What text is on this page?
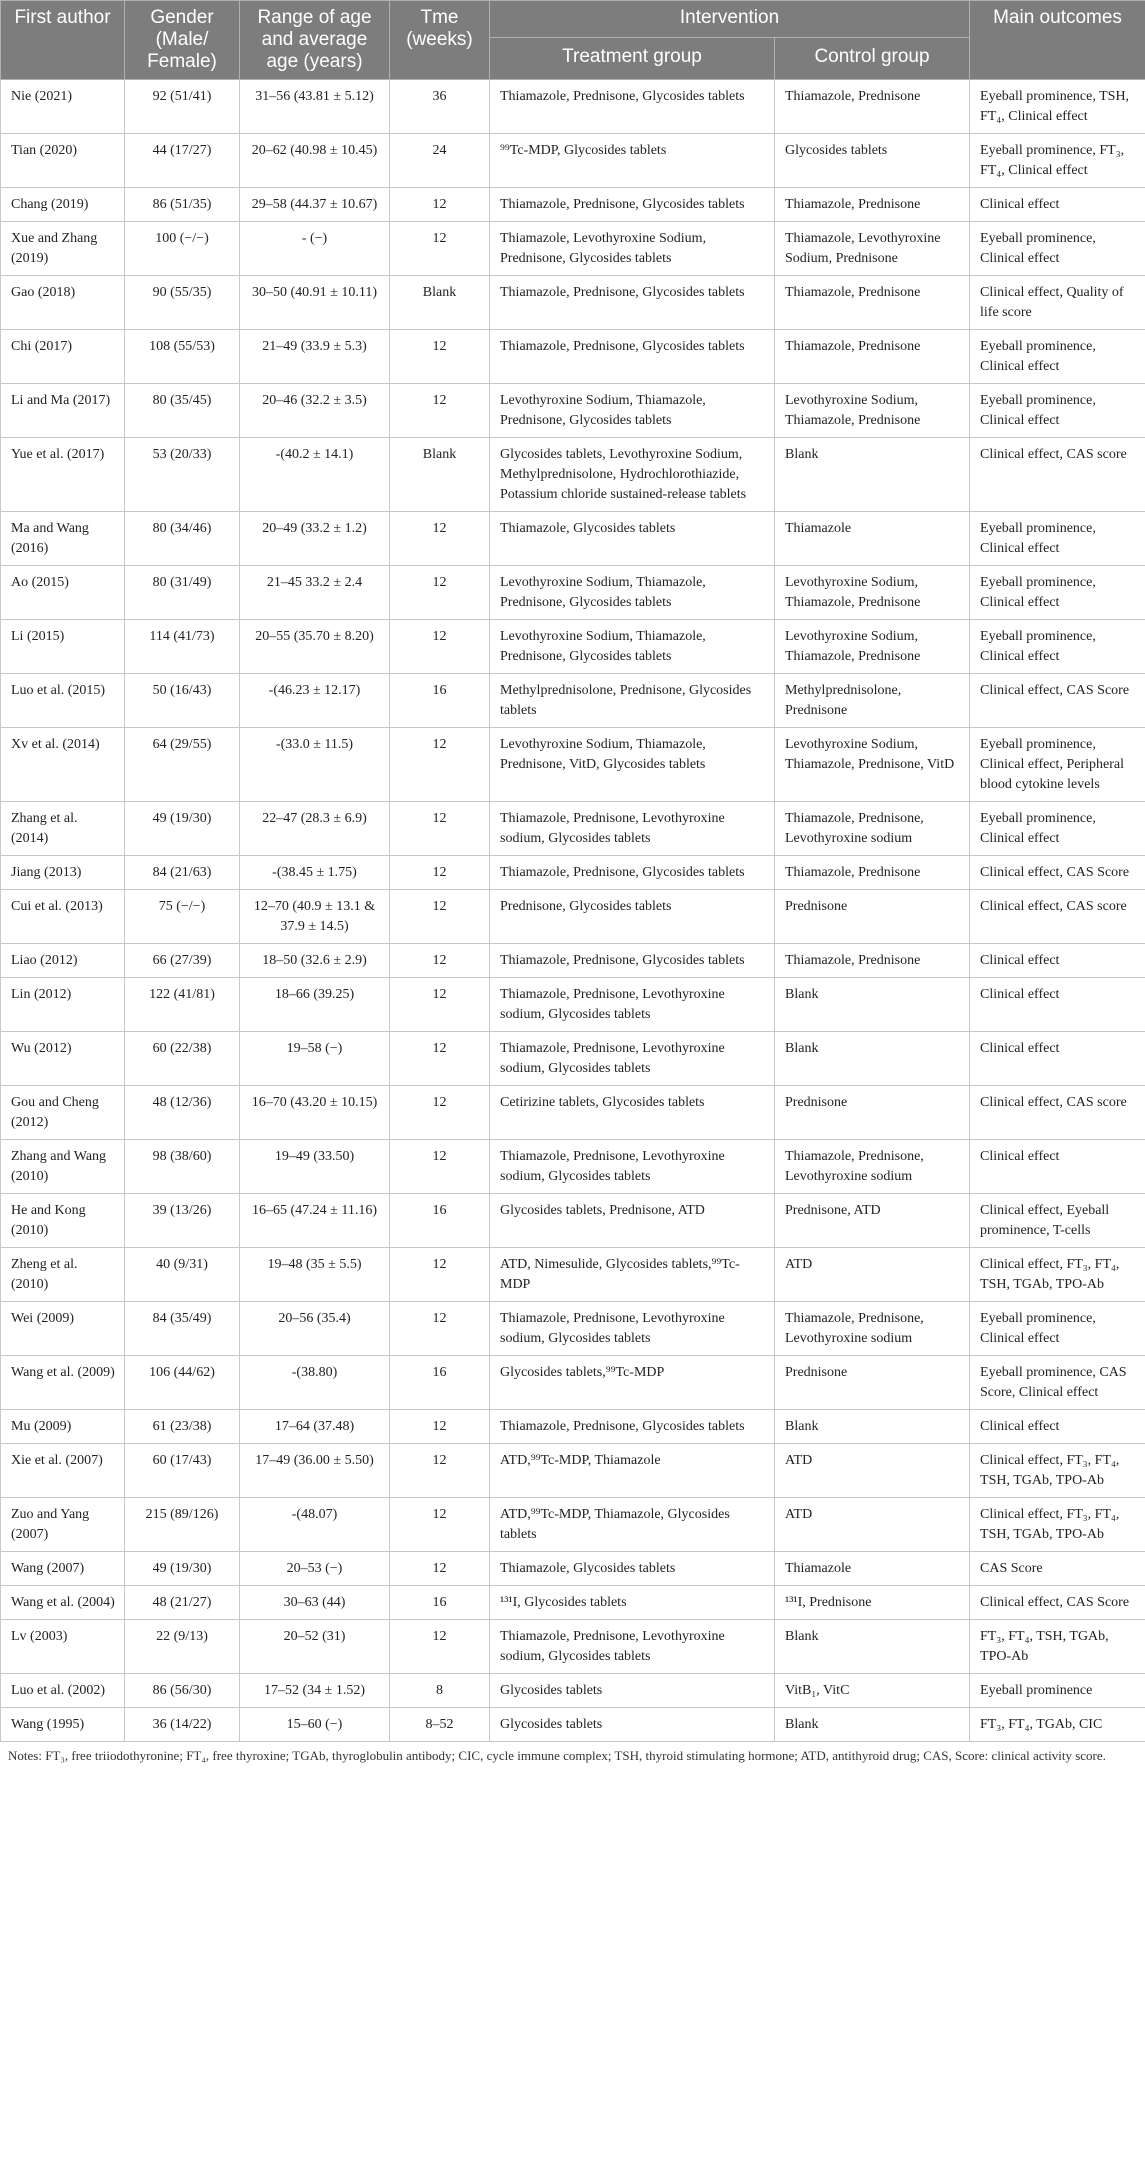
First author	Gender (Male/ Female)	Range of age and average age (years)	Tme (weeks)	Intervention		Main outcomes
				Treatment group	Control group	
Nie (2021)	92 (51/41)	31–56 (43.81 ± 5.12)	36	Thiamazole, Prednisone, Glycosides tablets	Thiamazole, Prednisone	Eyeball prominence, TSH, FT₄, Clinical effect
Tian (2020)	44 (17/27)	20–62 (40.98 ± 10.45)	24	⁹⁹Tc-MDP, Glycosides tablets	Glycosides tablets	Eyeball prominence, FT₃, FT₄, Clinical effect
Chang (2019)	86 (51/35)	29–58 (44.37 ± 10.67)	12	Thiamazole, Prednisone, Glycosides tablets	Thiamazole, Prednisone	Clinical effect
Xue and Zhang (2019)	100 (−/−)	- (−)	12	Thiamazole, Levothyroxine Sodium, Prednisone, Glycosides tablets	Thiamazole, Levothyroxine Sodium, Prednisone	Eyeball prominence, Clinical effect
Gao (2018)	90 (55/35)	30–50 (40.91 ± 10.11)	Blank	Thiamazole, Prednisone, Glycosides tablets	Thiamazole, Prednisone	Clinical effect, Quality of life score
Chi (2017)	108 (55/53)	21–49 (33.9 ± 5.3)	12	Thiamazole, Prednisone, Glycosides tablets	Thiamazole, Prednisone	Eyeball prominence, Clinical effect
Li and Ma (2017)	80 (35/45)	20–46 (32.2 ± 3.5)	12	Levothyroxine Sodium, Thiamazole, Prednisone, Glycosides tablets	Levothyroxine Sodium, Thiamazole, Prednisone	Eyeball prominence, Clinical effect
Yue et al. (2017)	53 (20/33)	-(40.2 ± 14.1)	Blank	Glycosides tablets, Levothyroxine Sodium, Methylprednisolone, Hydrochlorothiazide, Potassium chloride sustained-release tablets	Blank	Clinical effect, CAS score
Ma and Wang (2016)	80 (34/46)	20–49 (33.2 ± 1.2)	12	Thiamazole, Glycosides tablets	Thiamazole	Eyeball prominence, Clinical effect
Ao (2015)	80 (31/49)	21–45 33.2 ± 2.4	12	Levothyroxine Sodium, Thiamazole, Prednisone, Glycosides tablets	Levothyroxine Sodium, Thiamazole, Prednisone	Eyeball prominence, Clinical effect
Li (2015)	114 (41/73)	20–55 (35.70 ± 8.20)	12	Levothyroxine Sodium, Thiamazole, Prednisone, Glycosides tablets	Levothyroxine Sodium, Thiamazole, Prednisone	Eyeball prominence, Clinical effect
Luo et al. (2015)	50 (16/43)	-(46.23 ± 12.17)	16	Methylprednisolone, Prednisone, Glycosides tablets	Methylprednisolone, Prednisone	Clinical effect, CAS Score
Xv et al. (2014)	64 (29/55)	-(33.0 ± 11.5)	12	Levothyroxine Sodium, Thiamazole, Prednisone, VitD, Glycosides tablets	Levothyroxine Sodium, Thiamazole, Prednisone, VitD	Eyeball prominence, Clinical effect, Peripheral blood cytokine levels
Zhang et al. (2014)	49 (19/30)	22–47 (28.3 ± 6.9)	12	Thiamazole, Prednisone, Levothyroxine sodium, Glycosides tablets	Thiamazole, Prednisone, Levothyroxine sodium	Eyeball prominence, Clinical effect
Jiang (2013)	84 (21/63)	-(38.45 ± 1.75)	12	Thiamazole, Prednisone, Glycosides tablets	Thiamazole, Prednisone	Clinical effect, CAS Score
Cui et al. (2013)	75 (−/−)	12–70 (40.9 ± 13.1 & 37.9 ± 14.5)	12	Prednisone, Glycosides tablets	Prednisone	Clinical effect, CAS score
Liao (2012)	66 (27/39)	18–50 (32.6 ± 2.9)	12	Thiamazole, Prednisone, Glycosides tablets	Thiamazole, Prednisone	Clinical effect
Lin (2012)	122 (41/81)	18–66 (39.25)	12	Thiamazole, Prednisone, Levothyroxine sodium, Glycosides tablets	Blank	Clinical effect
Wu (2012)	60 (22/38)	19–58 (−)	12	Thiamazole, Prednisone, Levothyroxine sodium, Glycosides tablets	Blank	Clinical effect
Gou and Cheng (2012)	48 (12/36)	16–70 (43.20 ± 10.15)	12	Cetirizine tablets, Glycosides tablets	Prednisone	Clinical effect, CAS score
Zhang and Wang (2010)	98 (38/60)	19–49 (33.50)	12	Thiamazole, Prednisone, Levothyroxine sodium, Glycosides tablets	Thiamazole, Prednisone, Levothyroxine sodium	Clinical effect
He and Kong (2010)	39 (13/26)	16–65 (47.24 ± 11.16)	16	Glycosides tablets, Prednisone, ATD	Prednisone, ATD	Clinical effect, Eyeball prominence, T-cells
Zheng et al. (2010)	40 (9/31)	19–48 (35 ± 5.5)	12	ATD, Nimesulide, Glycosides tablets,⁹⁹Tc-MDP	ATD	Clinical effect, FT₃, FT₄, TSH, TGAb, TPO-Ab
Wei (2009)	84 (35/49)	20–56 (35.4)	12	Thiamazole, Prednisone, Levothyroxine sodium, Glycosides tablets	Thiamazole, Prednisone, Levothyroxine sodium	Eyeball prominence, Clinical effect
Wang et al. (2009)	106 (44/62)	-(38.80)	16	Glycosides tablets,⁹⁹Tc-MDP	Prednisone	Eyeball prominence, CAS Score, Clinical effect
Mu (2009)	61 (23/38)	17–64 (37.48)	12	Thiamazole, Prednisone, Glycosides tablets	Blank	Clinical effect
Xie et al. (2007)	60 (17/43)	17–49 (36.00 ± 5.50)	12	ATD,⁹⁹Tc-MDP, Thiamazole	ATD	Clinical effect, FT₃, FT₄, TSH, TGAb, TPO-Ab
Zuo and Yang (2007)	215 (89/126)	-(48.07)	12	ATD,⁹⁹Tc-MDP, Thiamazole, Glycosides tablets	ATD	Clinical effect, FT₃, FT₄, TSH, TGAb, TPO-Ab
Wang (2007)	49 (19/30)	20–53 (−)	12	Thiamazole, Glycosides tablets	Thiamazole	CAS Score
Wang et al. (2004)	48 (21/27)	30–63 (44)	16	¹³¹I, Glycosides tablets	¹³¹I, Prednisone	Clinical effect, CAS Score
Lv (2003)	22 (9/13)	20–52 (31)	12	Thiamazole, Prednisone, Levothyroxine sodium, Glycosides tablets	Blank	FT₃, FT₄, TSH, TGAb, TPO-Ab
Luo et al. (2002)	86 (56/30)	17–52 (34 ± 1.52)	8	Glycosides tablets	VitB₁, VitC	Eyeball prominence
Wang (1995)	36 (14/22)	15–60 (−)	8–52	Glycosides tablets	Blank	FT₃, FT₄, TGAb, CIC
Notes: FT₃, free triiodothyronine; FT₄, free thyroxine; TGAb, thyroglobulin antibody; CIC, cycle immune complex; TSH, thyroid stimulating hormone; ATD, antithyroid drug; CAS, Score: clinical activity score.
